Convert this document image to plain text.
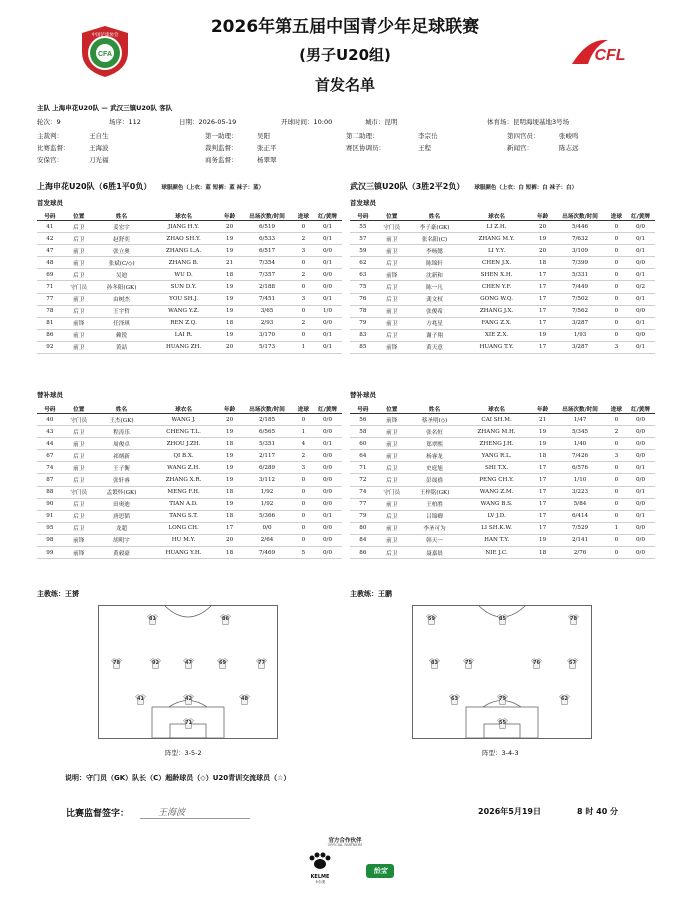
CFA
中国足球协会
CFL
2026年第五届中国青少年足球联赛
(男子U20组)
首发名单
主队 上海申花U20队 — 武汉三镇U20队 客队
轮次：9	场序：112	日期：2026-05-19	开球时间：10:00	城市：昆明	体育场：昆明海埂基地3号场
主裁判：	王自生	第一助理：	吴阳	第二助理：	李宗岳	第四官员：	张峻鸣
比赛监督：	王海波	裁判监督：	张正平	赛区协调员：	王程	新闻官：	陈志远
安保官：	刀光福	商务监督：	杨翠翠
上海申花U20队（6胜1平0负） 球服颜色（上衣：蓝 短裤：蓝 袜子：蓝）	武汉三镇U20队（3胜2平2负） 球服颜色（上衣：白 短裤：白 袜子：白）
首发球员	首发球员
号码	位置	姓名	球衣名	年龄	出场次数/时间	进球	红/黄牌
41	后卫	姜宏宇	JIANG H.Y.	20	6/519	0	0/1
42	后卫	赵舒奕	ZHAO SH.Y.	19	6/533	2	0/1
47	前卫	张立奥	ZHANG L.A.	19	6/517	3	0/0
48	前卫	张斌(C/◇)	ZHANG B.	21	7/354	0	0/1
69	后卫	吴迪	WU D.	18	7/357	2	0/0
71	守门员	孙冬阳(GK)	SUN D.Y.	19	2/188	0	0/0
77	前卫	由树杰	YOU SH.J.	19	7/451	3	0/1
78	后卫	王宇哲	WANG Y.Z.	19	3/65	0	1/0
81	前锋	任泽琪	REN Z.Q.	18	2/93	2	0/0
86	前卫	赖锐	LAI R.	19	3/170	0	0/1
92	前卫	黄喆	HUANG ZH.	20	5/173	1	0/1
号码	位置	姓名	球衣名	年龄	出场次数/时间	进球	红/黄牌
55	守门员	李子豪(GK)	LI Z.H.	20	5/446	0	0/0
57	前卫	张名阳(C)	ZHANG M.Y.	19	7/632	0	0/1
59	前卫	李杨懿	LI Y.Y.	20	3/109	0	0/1
62	后卫	陈锦轩	CHEN J.X.	18	7/399	0	0/0
63	前锋	沈新和	SHEN X.H.	17	5/331	0	0/1
75	后卫	陈一凡	CHEN Y.F.	17	7/449	0	0/2
76	后卫	龚文权	GONG W.Q.	17	7/502	0	0/1
78	前卫	张俊希	ZHANG J.X.	17	7/562	0	0/0
79	前卫	方兆星	FANG Z.X.	17	3/287	0	0/1
83	后卫	谢子翔	XIE Z.X.	19	1/93	0	0/0
85	前锋	黄天意	HUANG T.Y.	17	3/287	3	0/1
替补球员	替补球员
号码	位置	姓名	球衣名	年龄	出场次数/时间	进球	红/黄牌
40	守门员	王杰(GK)	WANG J.	20	2/185	0	0/0
43	后卫	程涛乐	CHENG T.L.	19	6/565	1	0/0
44	前卫	周俊卓	ZHOU J.ZH.	18	5/351	4	0/1
67	后卫	祁炳新	QI B.X.	19	2/117	2	0/0
74	前卫	王子衡	WANG Z.H.	19	6/289	3	0/0
87	后卫	张轩睿	ZHANG X.R.	19	3/112	0	0/0
88	守门员	孟繁怀(GK)	MENG F.H.	18	1/92	0	0/0
90	后卫	田奥迪	TIAN A.D.	19	1/92	0	0/0
91	后卫	唐思韬	TANG S.T.	18	5/366	0	0/1
95	后卫	龙超	LONG CH.	17	0/0	0	0/0
98	前锋	胡明宇	HU M.Y.	20	2/64	0	0/0
99	前锋	黄毅豪	HUANG Y.H.	18	7/469	5	0/0
号码	位置	姓名	球衣名	年龄	出场次数/时间	进球	红/黄牌
56	前锋	蔡圣明(◇)	CAI SH.M.	21	1/47	0	0/0
58	前卫	张名恒	ZHANG M.H.	19	5/345	2	0/0
60	前卫	郑翠熙	ZHENG J.H.	19	1/40	0	0/0
64	前卫	杨睿龙	YANG R.L.	18	7/426	3	0/0
71	后卫	史庭旭	SHI T.X.	17	6/576	0	0/1
72	后卫	彭晟禧	PENG CH.Y.	17	1/10	0	0/0
74	守门员	王梓铭(GK)	WANG Z.M.	17	3/223	0	0/1
77	前卫	王柏胜	WANG B.S.	17	5/84	0	0/0
79	后卫	吕锦卿	LV J.D.	17	6/414	0	0/1
80	前卫	李圣可为	LI SH.K.W.	17	7/529	1	0/0
84	前卫	韩天一	HAN T.Y.	19	2/141	0	0/0
86	后卫	聂嘉晨	NIE J.C.	18	2/76	0	0/0
主教练：王赟	主教练：王鹏
81	86
78	47	77
92	69
41	42	48
71
59	85	78
83	75	76	57
63	79	62
55
阵型：3-5-2	阵型：3-4-3
说明：守门员（GK）队长（C）超龄球员（◇）U20青训交流球员（☆）
比赛监督签字：	王海波	2026年5月19日	8 时 40 分
官方合作伙伴
OFFICIAL PARTNERS
KELME
卡尔美
怡宝
